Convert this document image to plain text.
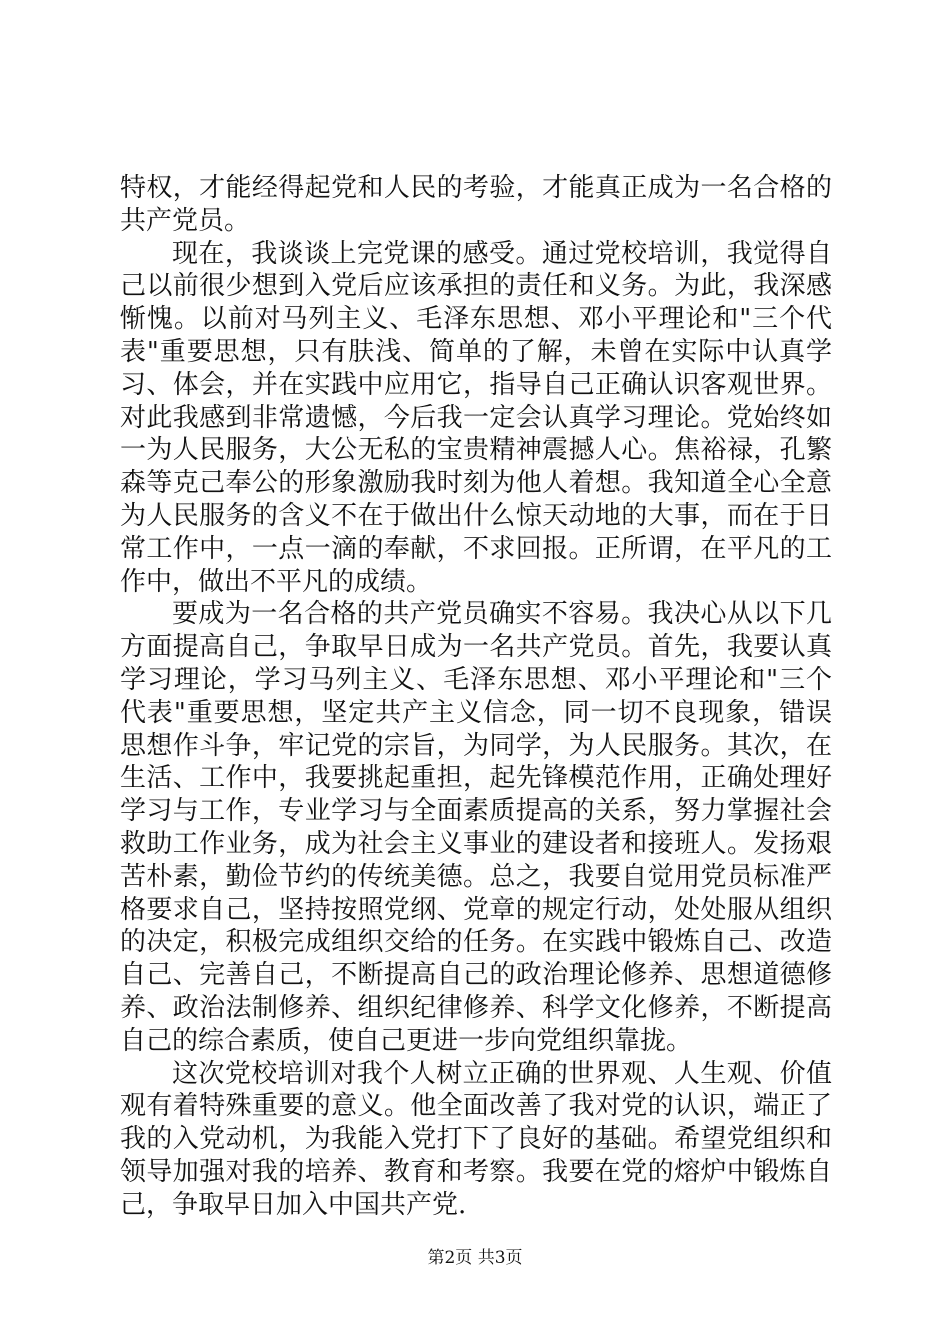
特权，才能经得起党和人民的考验，才能真正成为一名合格的共产党员。

现在，我谈谈上完党课的感受。通过党校培训，我觉得自己以前很少想到入党后应该承担的责任和义务。为此，我深感惭愧。以前对马列主义、毛泽东思想、邓小平理论和"三个代表"重要思想，只有肤浅、简单的了解，未曾在实际中认真学习、体会，并在实践中应用它，指导自己正确认识客观世界。对此我感到非常遗憾，今后我一定会认真学习理论。党始终如一为人民服务，大公无私的宝贵精神震撼人心。焦裕禄，孔繁森等克己奉公的形象激励我时刻为他人着想。我知道全心全意为人民服务的含义不在于做出什么惊天动地的大事，而在于日常工作中，一点一滴的奉献，不求回报。正所谓，在平凡的工作中，做出不平凡的成绩。

要成为一名合格的共产党员确实不容易。我决心从以下几方面提高自己，争取早日成为一名共产党员。首先，我要认真学习理论，学习马列主义、毛泽东思想、邓小平理论和"三个代表"重要思想，坚定共产主义信念，同一切不良现象，错误思想作斗争，牢记党的宗旨，为同学，为人民服务。其次，在生活、工作中，我要挑起重担，起先锋模范作用，正确处理好学习与工作，专业学习与全面素质提高的关系，努力掌握社会救助工作业务，成为社会主义事业的建设者和接班人。发扬艰苦朴素，勤俭节约的传统美德。总之，我要自觉用党员标准严格要求自己，坚持按照党纲、党章的规定行动，处处服从组织的决定，积极完成组织交给的任务。在实践中锻炼自己、改造自己、完善自己，不断提高自己的政治理论修养、思想道德修养、政治法制修养、组织纪律修养、科学文化修养，不断提高自己的综合素质，使自己更进一步向党组织靠拢。

这次党校培训对我个人树立正确的世界观、人生观、价值观有着特殊重要的意义。他全面改善了我对党的认识，端正了我的入党动机，为我能入党打下了良好的基础。希望党组织和领导加强对我的培养、教育和考察。我要在党的熔炉中锻炼自己，争取早日加入中国共产党.

第2页 共3页
